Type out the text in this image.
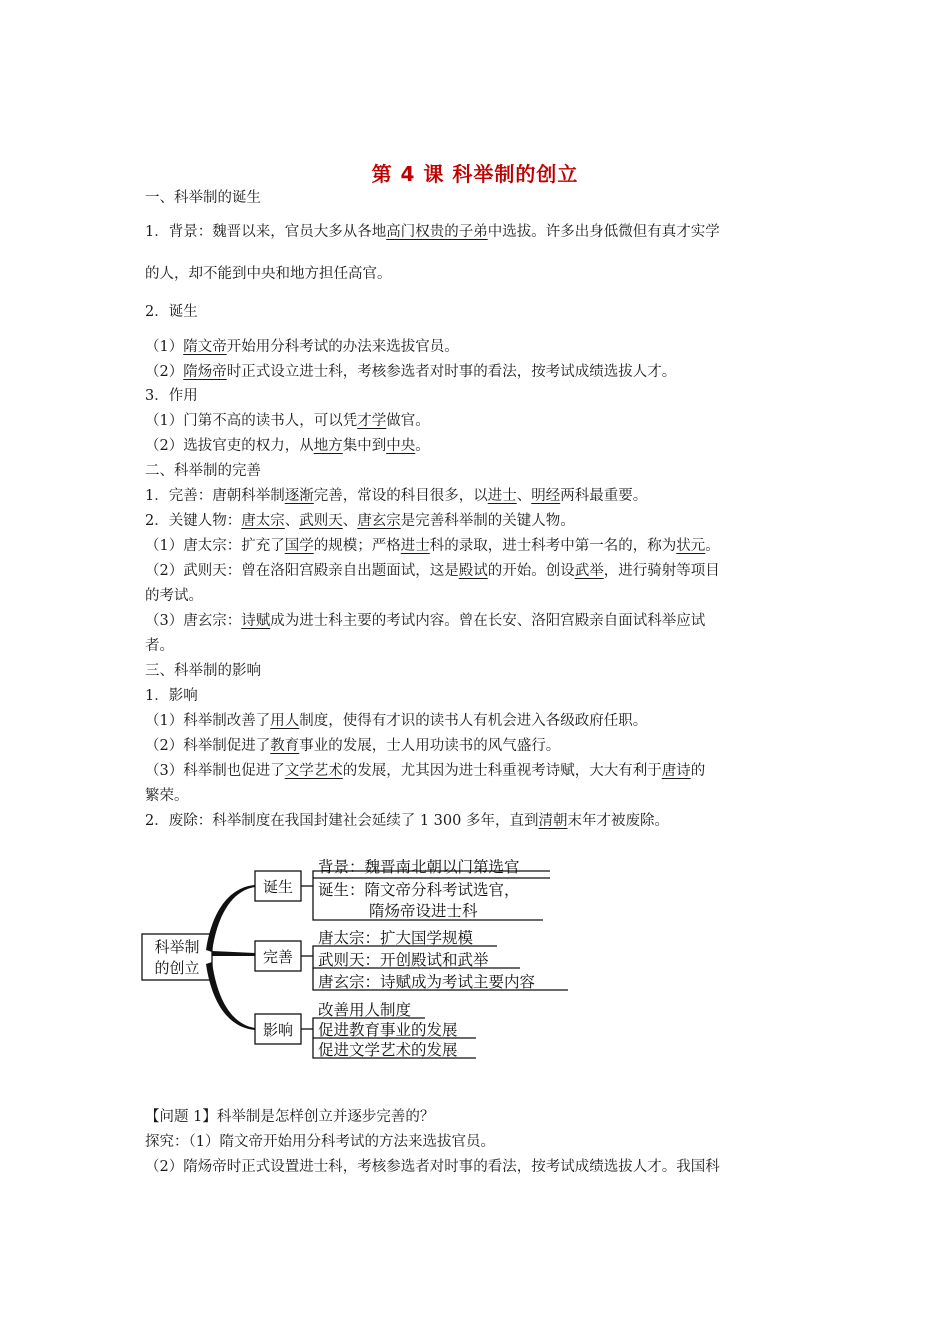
第 4 课 科举制的创立
一、科举制的诞生
1．背景：魏晋以来，官员大多从各地高门权贵的子弟中选拔。许多出身低微但有真才实学
的人，却不能到中央和地方担任高官。
2．诞生
（1）隋文帝开始用分科考试的办法来选拔官员。
（2）隋炀帝时正式设立进士科，考核参选者对时事的看法，按考试成绩选拔人才。
3．作用
（1）门第不高的读书人，可以凭才学做官。
（2）选拔官吏的权力，从地方集中到中央。
二、科举制的完善
1．完善：唐朝科举制逐渐完善，常设的科目很多，以进士、明经两科最重要。
2．关键人物：唐太宗、武则天、唐玄宗是完善科举制的关键人物。
（1）唐太宗：扩充了国学的规模；严格进士科的录取，进士科考中第一名的，称为状元。
（2）武则天：曾在洛阳宫殿亲自出题面试，这是殿试的开始。创设武举，进行骑射等项目
的考试。
（3）唐玄宗：诗赋成为进士科主要的考试内容。曾在长安、洛阳宫殿亲自面试科举应试
者。
三、科举制的影响
1．影响
（1）科举制改善了用人制度，使得有才识的读书人有机会进入各级政府任职。
（2）科举制促进了教育事业的发展，士人用功读书的风气盛行。
（3）科举制也促进了文学艺术的发展，尤其因为进士科重视考诗赋，大大有利于唐诗的
繁荣。
2．废除：科举制度在我国封建社会延续了 1 300 多年，直到清朝末年才被废除。
科举制
的创立
诞生
完善
影响
背景：魏晋南北朝以门第选官
诞生：隋文帝分科考试选官，
隋炀帝设进士科
唐太宗：扩大国学规模
武则天：开创殿试和武举
唐玄宗：诗赋成为考试主要内容
改善用人制度
促进教育事业的发展
促进文学艺术的发展
【问题 1】科举制是怎样创立并逐步完善的？
探究：（1）隋文帝开始用分科考试的方法来选拔官员。
（2）隋炀帝时正式设置进士科，考核参选者对时事的看法，按考试成绩选拔人才。我国科
